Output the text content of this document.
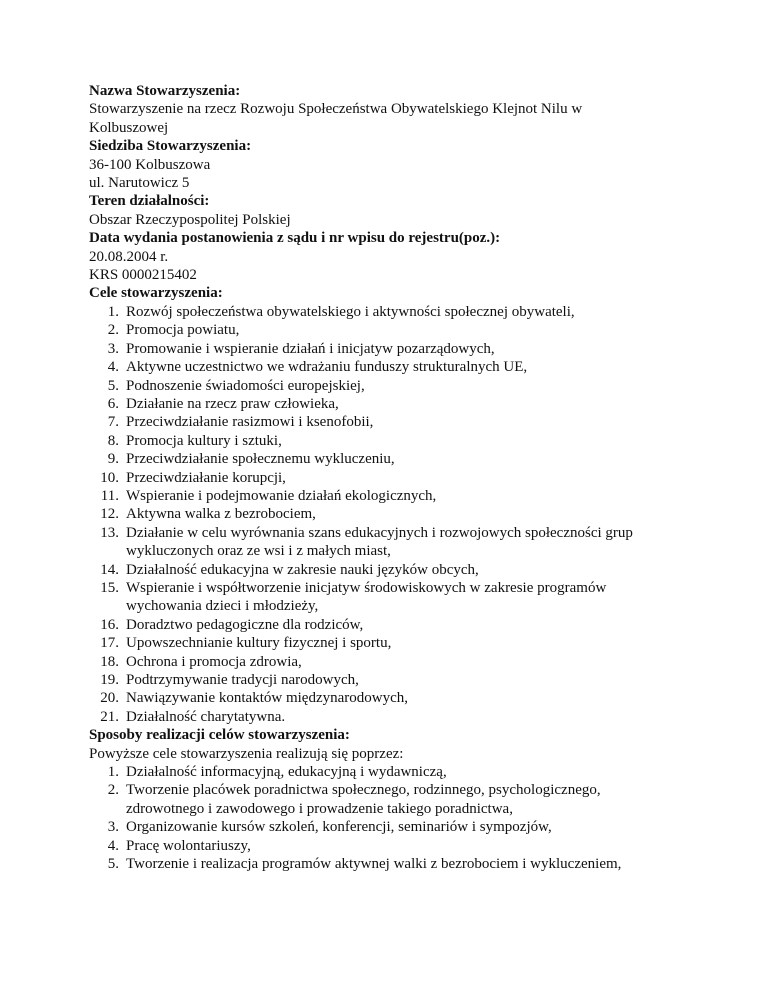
Nazwa Stowarzyszenia:
Stowarzyszenie na rzecz Rozwoju Społeczeństwa Obywatelskiego Klejnot Nilu w Kolbuszowej
Siedziba Stowarzyszenia:
36-100 Kolbuszowa
ul. Narutowicz 5
Teren działalności:
Obszar Rzeczypospolitej Polskiej
Data wydania postanowienia z sądu i nr wpisu do rejestru(poz.):
20.08.2004 r.
KRS 0000215402
Cele stowarzyszenia:
1. Rozwój społeczeństwa obywatelskiego i aktywności społecznej obywateli,
2. Promocja powiatu,
3. Promowanie i wspieranie działań i inicjatyw pozarządowych,
4. Aktywne uczestnictwo we wdrażaniu funduszy strukturalnych UE,
5. Podnoszenie świadomości europejskiej,
6. Działanie na rzecz praw człowieka,
7. Przeciwdziałanie rasizmowi i ksenofobii,
8. Promocja kultury i sztuki,
9. Przeciwdziałanie społecznemu wykluczeniu,
10. Przeciwdziałanie korupcji,
11. Wspieranie i podejmowanie działań ekologicznych,
12. Aktywna walka z bezrobociem,
13. Działanie w celu wyrównania szans edukacyjnych i rozwojowych społeczności grup wykluczonych oraz ze wsi i z małych miast,
14. Działalność edukacyjna w zakresie nauki języków obcych,
15. Wspieranie i współtworzenie inicjatyw środowiskowych w zakresie programów wychowania dzieci i młodzieży,
16. Doradztwo pedagogiczne dla rodziców,
17. Upowszechnianie kultury fizycznej i sportu,
18. Ochrona i promocja zdrowia,
19. Podtrzymywanie tradycji narodowych,
20. Nawiązywanie kontaktów międzynarodowych,
21. Działalność charytatywna.
Sposoby realizacji celów stowarzyszenia:
Powyższe cele stowarzyszenia realizują się poprzez:
1. Działalność informacyjną, edukacyjną i wydawniczą,
2. Tworzenie placówek poradnictwa społecznego, rodzinnego, psychologicznego, zdrowotnego i zawodowego i prowadzenie takiego poradnictwa,
3. Organizowanie kursów szkoleń, konferencji, seminariów i sympozjów,
4. Pracę wolontariuszy,
5. Tworzenie i realizacja programów aktywnej walki z bezrobociem i wykluczeniem,
